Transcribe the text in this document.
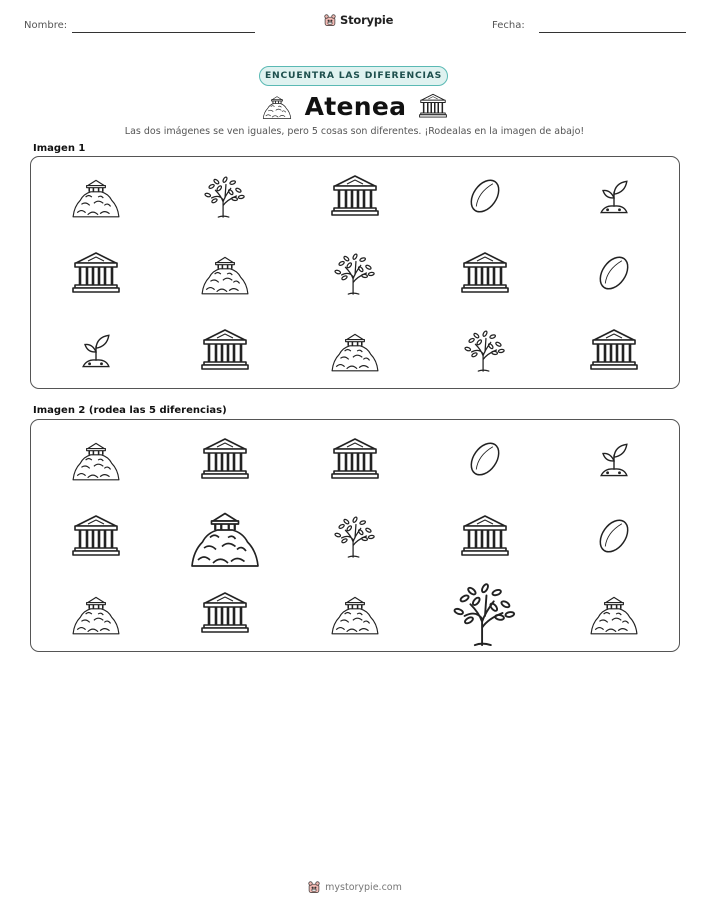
Nombre:	Storypie	Fecha:
ENCUENTRA LAS DIFERENCIAS
Atenea
Las dos imágenes se ven iguales, pero 5 cosas son diferentes. ¡Rodealas en la imagen de abajo!
Imagen 1
Imagen 2 (rodea las 5 diferencias)
mystorypie.com
